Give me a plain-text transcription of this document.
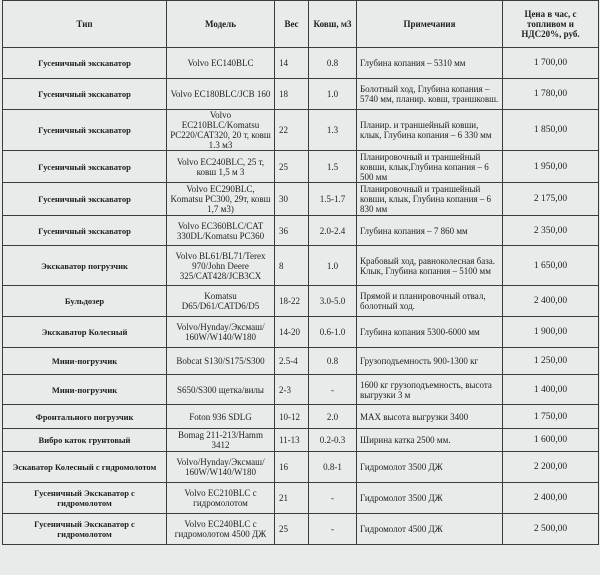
Тип	Модель	Вес	Ковш, м3	Примечания	Цена в час, с топливом и НДС20%, руб.
Гусеничный экскаватор	Volvo EC140BLC	14	0.8	Глубина копания – 5310 мм	1 700,00
Гусеничный экскаватор	Volvo EC180BLC/JCB 160	18	1.0	Болотный ход, Глубина копания – 5740 мм, планир. ковш, траншковш.	1 780,00
Гусеничный экскаватор	Volvo EC210BLC/Komatsu PC220/CAT320, 20 т, ковш 1.3 м3	22	1.3	Планир. и траншейный ковши, клык, Глубина копания – 6 330 мм	1 850,00
Гусеничный экскаватор	Volvo EC240BLC, 25 т, ковш 1,5 м 3	25	1.5	Планировочный и траншейный ковши, клык,Глубина копания – 6 500 мм	1 950,00
Гусеничный экскаватор	Volvo EC290BLC, Komatsu PC300, 29т, ковш 1,7 м3)	30	1.5-1.7	Планировочный и траншейный ковши, клык, Глубина копания – 6 830 мм	2 175,00
Гусеничный экскаватор	Volvo EC360BLC/CAT 330DL/Komatsu PC360	36	2.0-2.4	Глубина копания – 7 860 мм	2 350,00
Экскаватор погрузчик	Volvo BL61/BL71/Terex 970/John Deere 325/CAT428/JCB3CX	8	1.0	Крабовый ход, равноколесная база. Клык, Глубина копания – 5100 мм	1 650,00
Бульдозер	Komatsu D65/D61/CATD6/D5	18-22	3.0-5.0	Прямой и планировочный отвал, болотный ход.	2 400,00
Экскаватор Колесный	Volvo/Hynday/Экcмаш/ 160W/W140/W180	14-20	0.6-1.0	Глубина копания 5300-6000 мм	1 900,00
Мини-погрузчик	Bobcat S130/S175/S300	2.5-4	0.8	Грузоподъемность 900-1300 кг	1 250,00
Мини-погрузчик	S650/S300 щетка/вилы	2-3	-	1600 кг грузоподъемность, высота выгрузки 3 м	1 400,00
Фронтального погрузчик	Foton 936 SDLG	10-12	2.0	MAX высота выгрузки 3400	1 750,00
Вибро каток грунтовый	Bomag 211-213/Hamm 3412	11-13	0.2-0.3	Ширина катка 2500 мм.	1 600,00
Эскаватор Колесный с гидромолотом	Volvo/Hynday/Экcмаш/ 160W/W140/W180	16	0.8-1	Гидромолот 3500 ДЖ	2 200,00
Гусеничный Экскаватор с гидромолотом	Volvo EC210BLC с гидромолотом	21	-	Гидромолот 3500 ДЖ	2 400,00
Гусеничный Экскаватор с гидромолотом	Volvo EC240BLC с гидромолотом 4500 ДЖ	25	-	Гидромолот 4500 ДЖ	2 500,00
